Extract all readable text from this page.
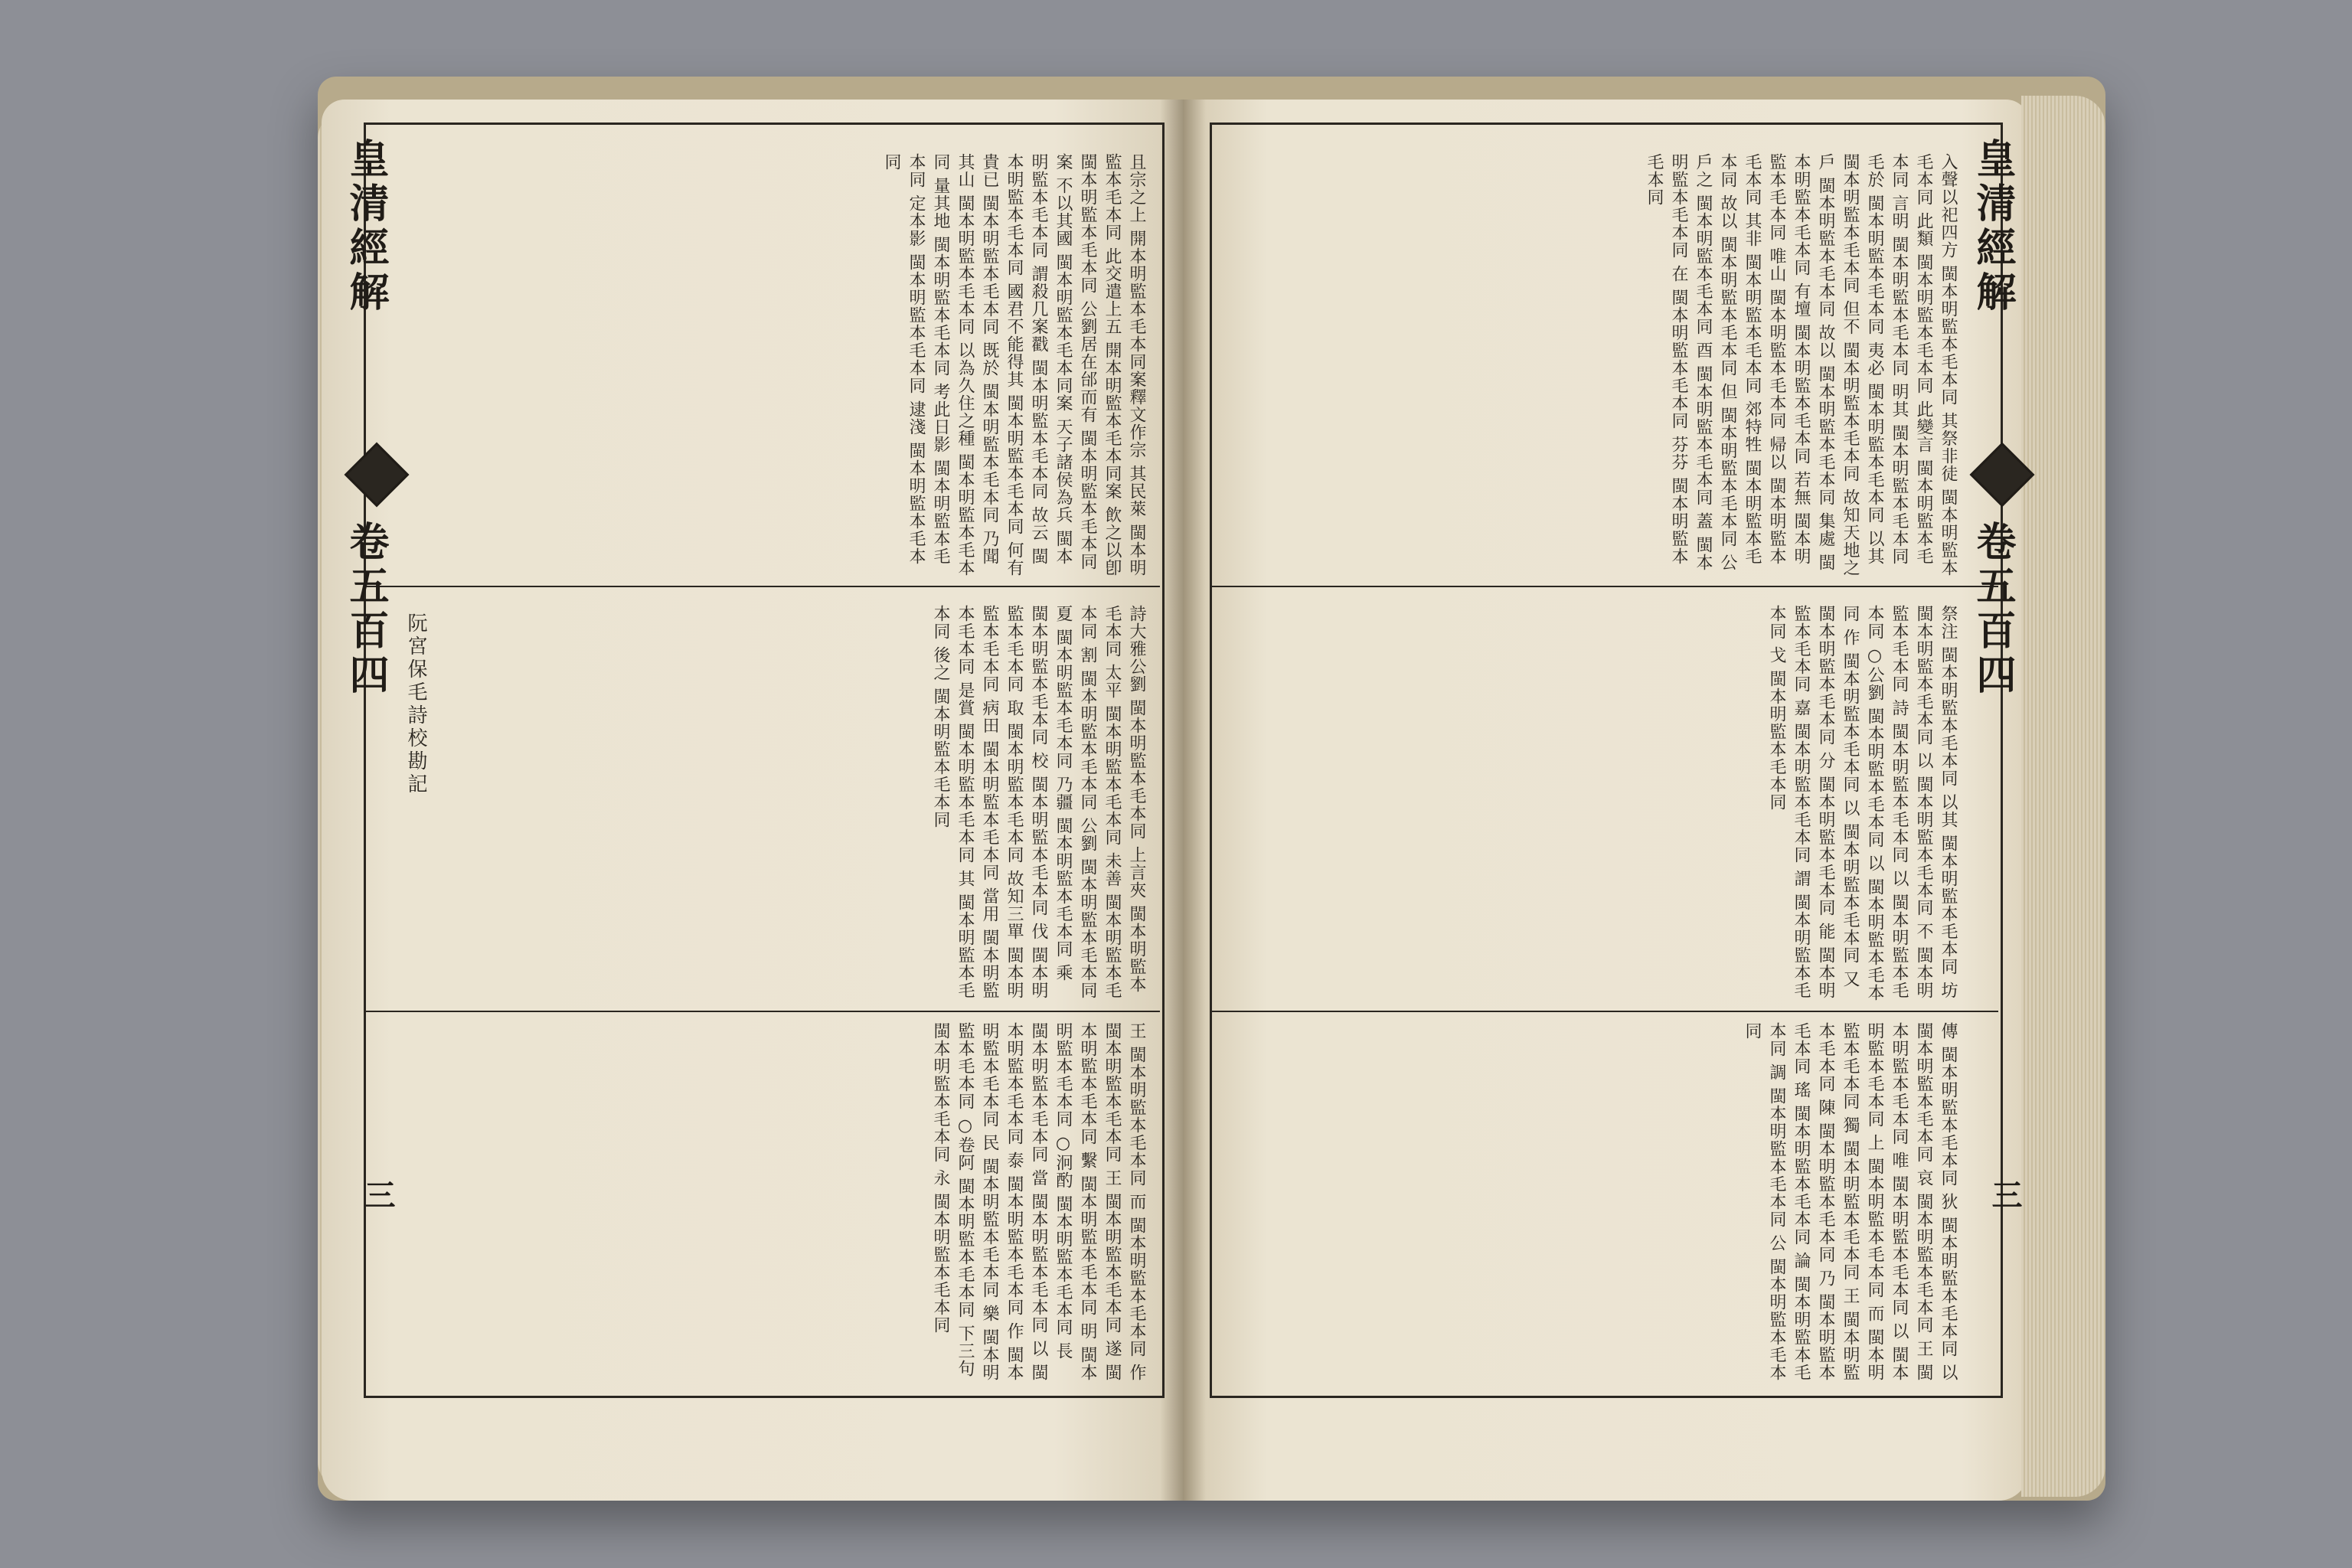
皇清經解
卷五百四
三
阮宮保毛詩校勘記
且宗之上 開本明監本毛本同案釋文作宗 其民萊 閩本明監本毛本同 此交遣上五 開本明監本毛本同案 飲之以卽 閩本明監本毛本同 公劉居在邰而有 閩本明監本毛本同案 不以其國 閩本明監本毛本同案 天子諸侯為兵 閩本明監本毛本同 謂殺几案戳 閩本明監本毛本同 故云 閩本明監本毛本同 國君不能得其 閩本明監本毛本同 何有貴已 閩本明監本毛本同 既於 閩本明監本毛本同 乃聞其山 閩本明監本毛本同 以為久住之種 閩本明監本毛本同 量其地 閩本明監本毛本同 考此日影 閩本明監本毛本同 定本影 閩本明監本毛本同 逮淺 閩本明監本毛本同
詩大雅公劉 閩本明監本毛本同 上言夾 閩本明監本毛本同 太平 閩本明監本毛本同 未善 閩本明監本毛本同 割 閩本明監本毛本同 公劉 閩本明監本毛本同 夏 閩本明監本毛本同 乃疆 閩本明監本毛本同 乘 閩本明監本毛本同 校 閩本明監本毛本同 伐 閩本明監本毛本同 取 閩本明監本毛本同 故知三單 閩本明監本毛本同 病田 閩本明監本毛本同 當用 閩本明監本毛本同 是賞 閩本明監本毛本同 其 閩本明監本毛本同 後之 閩本明監本毛本同
王 閩本明監本毛本同 而 閩本明監本毛本同 作 閩本明監本毛本同 王 閩本明監本毛本同 遂 閩本明監本毛本同 繫 閩本明監本毛本同 明 閩本明監本毛本同 ○泂酌 閩本明監本毛本同 長 閩本明監本毛本同 當 閩本明監本毛本同 以 閩本明監本毛本同 泰 閩本明監本毛本同 作 閩本明監本毛本同 民 閩本明監本毛本同 樂 閩本明監本毛本同 ○卷阿 閩本明監本毛本同 下三句 閩本明監本毛本同 永 閩本明監本毛本同
皇清經解
卷五百四
三
入聲以祀四方 閩本明監本毛本同 其祭非徒 閩本明監本毛本同 此類 閩本明監本毛本同 此變言 閩本明監本毛本同 言明 閩本明監本毛本同 明其 閩本明監本毛本同 毛於 閩本明監本毛本同 夷必 閩本明監本毛本同 以其 閩本明監本毛本同 但不 閩本明監本毛本同 故知天地之戶 閩本明監本毛本同 故以 閩本明監本毛本同 集處 閩本明監本毛本同 有壇 閩本明監本毛本同 若無 閩本明監本毛本同 唯山 閩本明監本毛本同 帰以 閩本明監本毛本同 其非 閩本明監本毛本同 郊特牲 閩本明監本毛本同 故以 閩本明監本毛本同 但 閩本明監本毛本同 公戶之 閩本明監本毛本同 酉 閩本明監本毛本同 蓋 閩本明監本毛本同 在 閩本明監本毛本同 芬芬 閩本明監本毛本同
祭注 閩本明監本毛本同 以其 閩本明監本毛本同 坊 閩本明監本毛本同 以 閩本明監本毛本同 不 閩本明監本毛本同 詩 閩本明監本毛本同 以 閩本明監本毛本同 ○公劉 閩本明監本毛本同 以 閩本明監本毛本同 作 閩本明監本毛本同 以 閩本明監本毛本同 又 閩本明監本毛本同 分 閩本明監本毛本同 能 閩本明監本毛本同 嘉 閩本明監本毛本同 謂 閩本明監本毛本同 戈 閩本明監本毛本同
傳 閩本明監本毛本同 狄 閩本明監本毛本同 以 閩本明監本毛本同 哀 閩本明監本毛本同 王 閩本明監本毛本同 唯 閩本明監本毛本同 以 閩本明監本毛本同 上 閩本明監本毛本同 而 閩本明監本毛本同 獨 閩本明監本毛本同 王 閩本明監本毛本同 陳 閩本明監本毛本同 乃 閩本明監本毛本同 瑤 閩本明監本毛本同 論 閩本明監本毛本同 調 閩本明監本毛本同 公 閩本明監本毛本同
